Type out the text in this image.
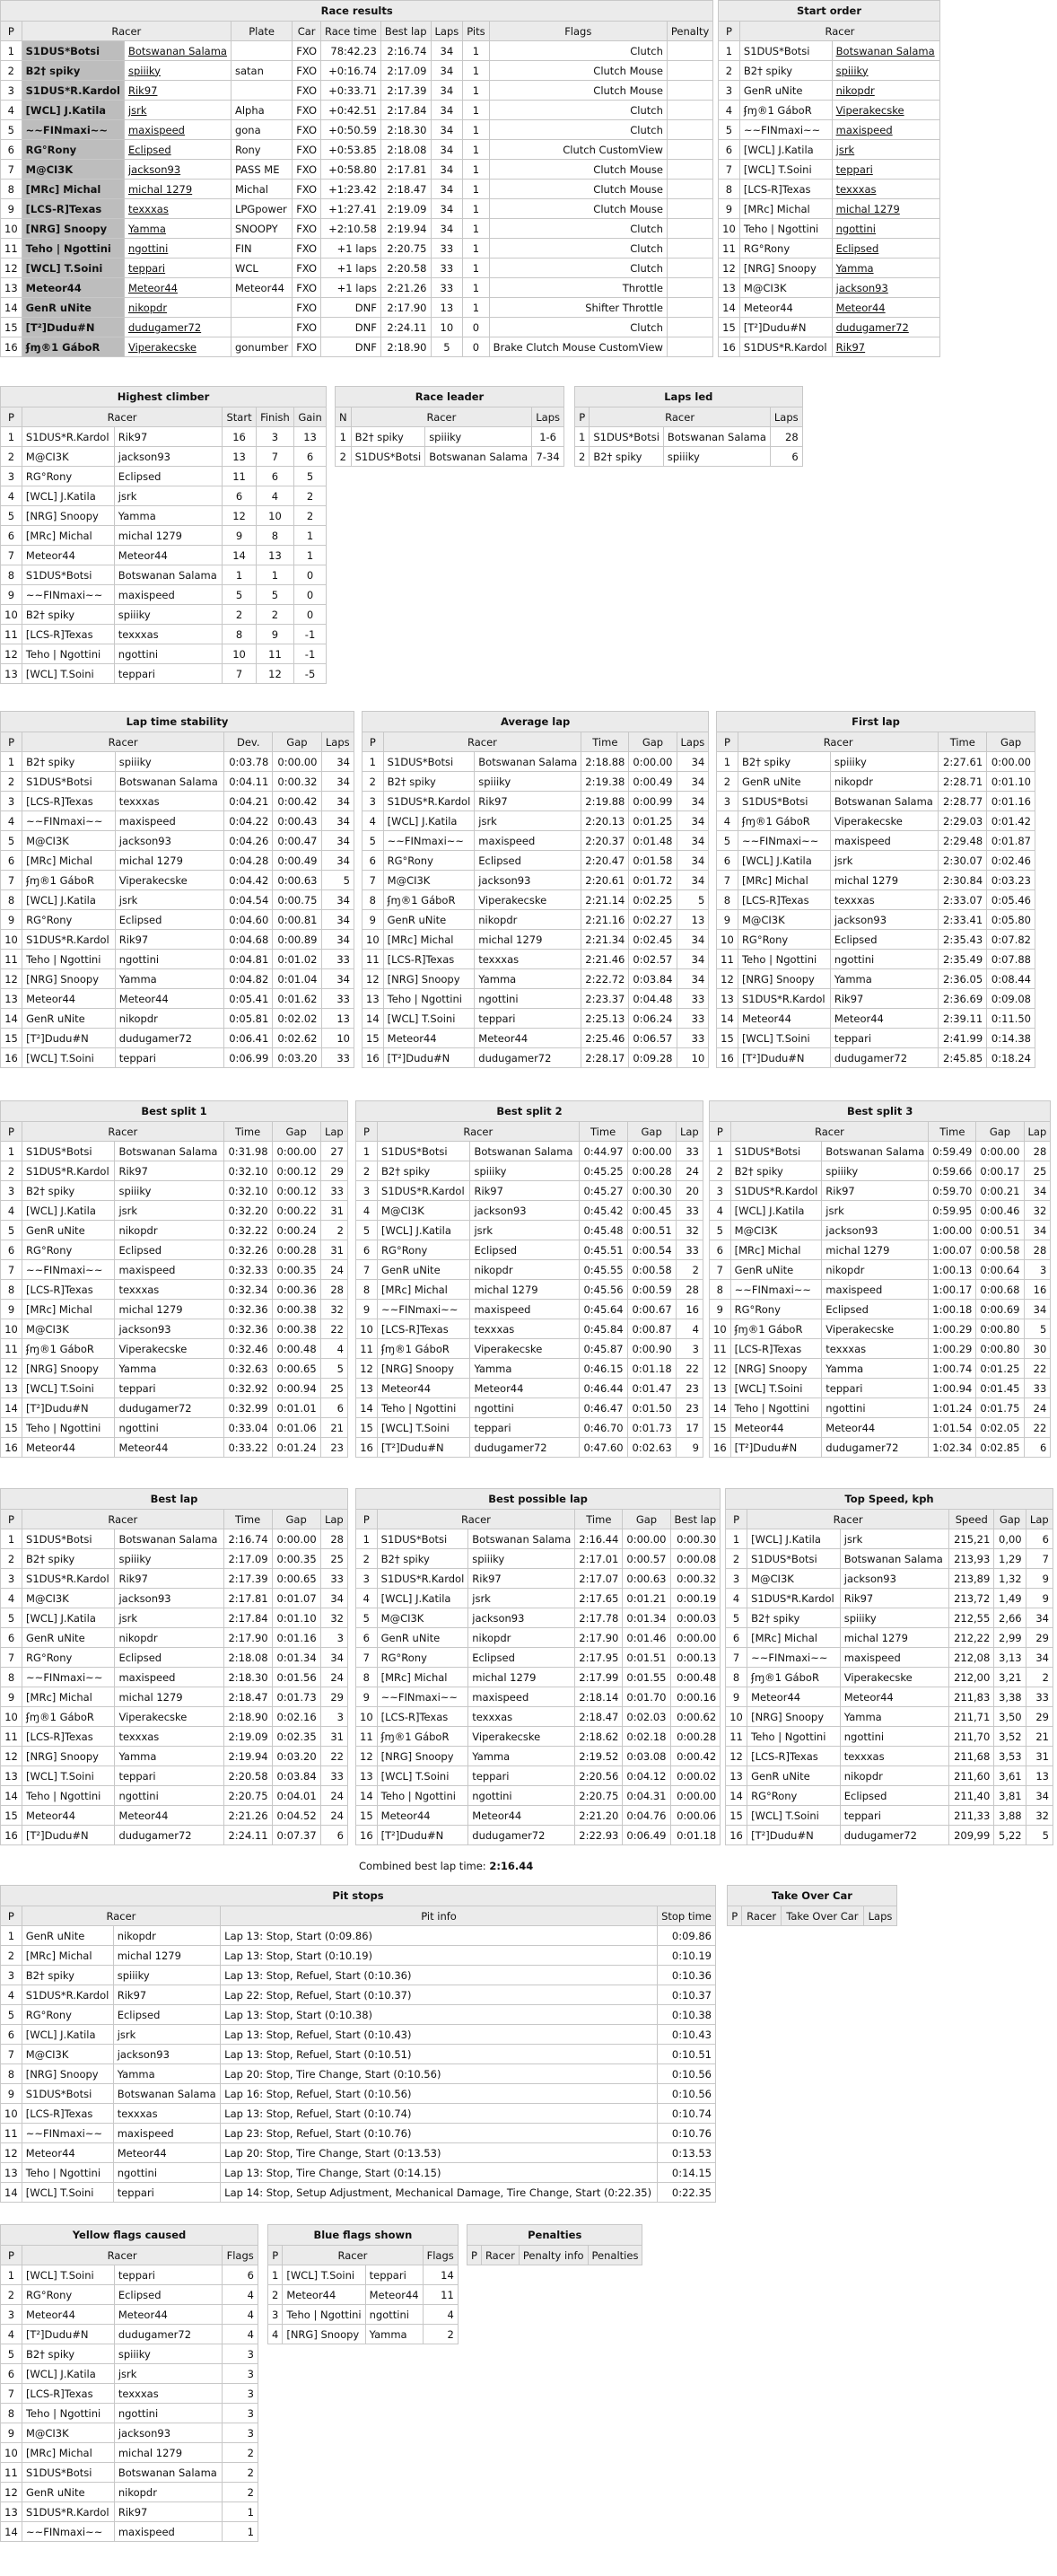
Race results										
P	Racer		Plate	Car	Race time	Best lap	Laps	Pits	Flags	Penalty
1	S1DUS*Botsi	Botswanan Salama		FXO	78:42.23	2:16.74	34	1	Clutch	
2	B2† spiky	spiiiky	satan	FXO	+0:16.74	2:17.09	34	1	Clutch Mouse	
3	S1DUS*R.Kardol	Rik97		FXO	+0:33.71	2:17.39	34	1	Clutch Mouse	
4	[WCL] J.Katila	jsrk	Alpha	FXO	+0:42.51	2:17.84	34	1	Clutch	
5	~~FINmaxi~~	maxispeed	gona	FXO	+0:50.59	2:18.30	34	1	Clutch	
6	RG°Rony	Eclipsed	Rony	FXO	+0:53.85	2:18.08	34	1	Clutch CustomView	
7	M@CI3K	jackson93	PASS ME	FXO	+0:58.80	2:17.81	34	1	Clutch Mouse	
8	[MRc] Michal	michal 1279	Michal	FXO	+1:23.42	2:18.47	34	1	Clutch Mouse	
9	[LCS-R]Texas	texxxas	LPGpower	FXO	+1:27.41	2:19.09	34	1	Clutch Mouse	
10	[NRG] Snoopy	Yamma	SNOOPY	FXO	+2:10.58	2:19.94	34	1	Clutch	
11	Teho | Ngottini	ngottini	FIN	FXO	+1 laps	2:20.75	33	1	Clutch	
12	[WCL] T.Soini	teppari	WCL	FXO	+1 laps	2:20.58	33	1	Clutch	
13	Meteor44	Meteor44	Meteor44	FXO	+1 laps	2:21.26	33	1	Throttle	
14	GenR uNite	nikopdr		FXO	DNF	2:17.90	13	1	Shifter Throttle	
15	[T²]Dudu#N	dudugamer72		FXO	DNF	2:24.11	10	0	Clutch	
16	ʄɱ®1 GáboR	Viperakecske	gonumber	FXO	DNF	2:18.90	5	0	Brake Clutch Mouse CustomView	
Start order		
P	Racer	
1	S1DUS*Botsi	Botswanan Salama
2	B2† spiky	spiiiky
3	GenR uNite	nikopdr
4	ʄɱ®1 GáboR	Viperakecske
5	~~FINmaxi~~	maxispeed
6	[WCL] J.Katila	jsrk
7	[WCL] T.Soini	teppari
8	[LCS-R]Texas	texxxas
9	[MRc] Michal	michal 1279
10	Teho | Ngottini	ngottini
11	RG°Rony	Eclipsed
12	[NRG] Snoopy	Yamma
13	M@CI3K	jackson93
14	Meteor44	Meteor44
15	[T²]Dudu#N	dudugamer72
16	S1DUS*R.Kardol	Rik97
Highest climber					
P	Racer		Start	Finish	Gain
1	S1DUS*R.Kardol	Rik97	16	3	13
2	M@CI3K	jackson93	13	7	6
3	RG°Rony	Eclipsed	11	6	5
4	[WCL] J.Katila	jsrk	6	4	2
5	[NRG] Snoopy	Yamma	12	10	2
6	[MRc] Michal	michal 1279	9	8	1
7	Meteor44	Meteor44	14	13	1
8	S1DUS*Botsi	Botswanan Salama	1	1	0
9	~~FINmaxi~~	maxispeed	5	5	0
10	B2† spiky	spiiiky	2	2	0
11	[LCS-R]Texas	texxxas	8	9	-1
12	Teho | Ngottini	ngottini	10	11	-1
13	[WCL] T.Soini	teppari	7	12	-5
Race leader			
N	Racer		Laps
1	B2† spiky	spiiiky	1-6
2	S1DUS*Botsi	Botswanan Salama	7-34
Laps led			
P	Racer		Laps
1	S1DUS*Botsi	Botswanan Salama	28
2	B2† spiky	spiiiky	6
Lap time stability					
P	Racer		Dev.	Gap	Laps
1	B2† spiky	spiiiky	0:03.78	0:00.00	34
2	S1DUS*Botsi	Botswanan Salama	0:04.11	0:00.32	34
3	[LCS-R]Texas	texxxas	0:04.21	0:00.42	34
4	~~FINmaxi~~	maxispeed	0:04.22	0:00.43	34
5	M@CI3K	jackson93	0:04.26	0:00.47	34
6	[MRc] Michal	michal 1279	0:04.28	0:00.49	34
7	ʄɱ®1 GáboR	Viperakecske	0:04.42	0:00.63	5
8	[WCL] J.Katila	jsrk	0:04.54	0:00.75	34
9	RG°Rony	Eclipsed	0:04.60	0:00.81	34
10	S1DUS*R.Kardol	Rik97	0:04.68	0:00.89	34
11	Teho | Ngottini	ngottini	0:04.81	0:01.02	33
12	[NRG] Snoopy	Yamma	0:04.82	0:01.04	34
13	Meteor44	Meteor44	0:05.41	0:01.62	33
14	GenR uNite	nikopdr	0:05.81	0:02.02	13
15	[T²]Dudu#N	dudugamer72	0:06.41	0:02.62	10
16	[WCL] T.Soini	teppari	0:06.99	0:03.20	33
Average lap					
P	Racer		Time	Gap	Laps
1	S1DUS*Botsi	Botswanan Salama	2:18.88	0:00.00	34
2	B2† spiky	spiiiky	2:19.38	0:00.49	34
3	S1DUS*R.Kardol	Rik97	2:19.88	0:00.99	34
4	[WCL] J.Katila	jsrk	2:20.13	0:01.25	34
5	~~FINmaxi~~	maxispeed	2:20.37	0:01.48	34
6	RG°Rony	Eclipsed	2:20.47	0:01.58	34
7	M@CI3K	jackson93	2:20.61	0:01.72	34
8	ʄɱ®1 GáboR	Viperakecske	2:21.14	0:02.25	5
9	GenR uNite	nikopdr	2:21.16	0:02.27	13
10	[MRc] Michal	michal 1279	2:21.34	0:02.45	34
11	[LCS-R]Texas	texxxas	2:21.46	0:02.57	34
12	[NRG] Snoopy	Yamma	2:22.72	0:03.84	34
13	Teho | Ngottini	ngottini	2:23.37	0:04.48	33
14	[WCL] T.Soini	teppari	2:25.13	0:06.24	33
15	Meteor44	Meteor44	2:25.46	0:06.57	33
16	[T²]Dudu#N	dudugamer72	2:28.17	0:09.28	10
First lap				
P	Racer		Time	Gap
1	B2† spiky	spiiiky	2:27.61	0:00.00
2	GenR uNite	nikopdr	2:28.71	0:01.10
3	S1DUS*Botsi	Botswanan Salama	2:28.77	0:01.16
4	ʄɱ®1 GáboR	Viperakecske	2:29.03	0:01.42
5	~~FINmaxi~~	maxispeed	2:29.48	0:01.87
6	[WCL] J.Katila	jsrk	2:30.07	0:02.46
7	[MRc] Michal	michal 1279	2:30.84	0:03.23
8	[LCS-R]Texas	texxxas	2:33.07	0:05.46
9	M@CI3K	jackson93	2:33.41	0:05.80
10	RG°Rony	Eclipsed	2:35.43	0:07.82
11	Teho | Ngottini	ngottini	2:35.49	0:07.88
12	[NRG] Snoopy	Yamma	2:36.05	0:08.44
13	S1DUS*R.Kardol	Rik97	2:36.69	0:09.08
14	Meteor44	Meteor44	2:39.11	0:11.50
15	[WCL] T.Soini	teppari	2:41.99	0:14.38
16	[T²]Dudu#N	dudugamer72	2:45.85	0:18.24
Best split 1					
P	Racer		Time	Gap	Lap
1	S1DUS*Botsi	Botswanan Salama	0:31.98	0:00.00	27
2	S1DUS*R.Kardol	Rik97	0:32.10	0:00.12	29
3	B2† spiky	spiiiky	0:32.10	0:00.12	33
4	[WCL] J.Katila	jsrk	0:32.20	0:00.22	31
5	GenR uNite	nikopdr	0:32.22	0:00.24	2
6	RG°Rony	Eclipsed	0:32.26	0:00.28	31
7	~~FINmaxi~~	maxispeed	0:32.33	0:00.35	24
8	[LCS-R]Texas	texxxas	0:32.34	0:00.36	28
9	[MRc] Michal	michal 1279	0:32.36	0:00.38	32
10	M@CI3K	jackson93	0:32.36	0:00.38	22
11	ʄɱ®1 GáboR	Viperakecske	0:32.46	0:00.48	4
12	[NRG] Snoopy	Yamma	0:32.63	0:00.65	5
13	[WCL] T.Soini	teppari	0:32.92	0:00.94	25
14	[T²]Dudu#N	dudugamer72	0:32.99	0:01.01	6
15	Teho | Ngottini	ngottini	0:33.04	0:01.06	21
16	Meteor44	Meteor44	0:33.22	0:01.24	23
Best split 2					
P	Racer		Time	Gap	Lap
1	S1DUS*Botsi	Botswanan Salama	0:44.97	0:00.00	33
2	B2† spiky	spiiiky	0:45.25	0:00.28	24
3	S1DUS*R.Kardol	Rik97	0:45.27	0:00.30	20
4	M@CI3K	jackson93	0:45.42	0:00.45	33
5	[WCL] J.Katila	jsrk	0:45.48	0:00.51	32
6	RG°Rony	Eclipsed	0:45.51	0:00.54	33
7	GenR uNite	nikopdr	0:45.55	0:00.58	2
8	[MRc] Michal	michal 1279	0:45.56	0:00.59	28
9	~~FINmaxi~~	maxispeed	0:45.64	0:00.67	16
10	[LCS-R]Texas	texxxas	0:45.84	0:00.87	4
11	ʄɱ®1 GáboR	Viperakecske	0:45.87	0:00.90	3
12	[NRG] Snoopy	Yamma	0:46.15	0:01.18	22
13	Meteor44	Meteor44	0:46.44	0:01.47	23
14	Teho | Ngottini	ngottini	0:46.47	0:01.50	23
15	[WCL] T.Soini	teppari	0:46.70	0:01.73	17
16	[T²]Dudu#N	dudugamer72	0:47.60	0:02.63	9
Best split 3					
P	Racer		Time	Gap	Lap
1	S1DUS*Botsi	Botswanan Salama	0:59.49	0:00.00	28
2	B2† spiky	spiiiky	0:59.66	0:00.17	25
3	S1DUS*R.Kardol	Rik97	0:59.70	0:00.21	34
4	[WCL] J.Katila	jsrk	0:59.95	0:00.46	32
5	M@CI3K	jackson93	1:00.00	0:00.51	34
6	[MRc] Michal	michal 1279	1:00.07	0:00.58	28
7	GenR uNite	nikopdr	1:00.13	0:00.64	3
8	~~FINmaxi~~	maxispeed	1:00.17	0:00.68	16
9	RG°Rony	Eclipsed	1:00.18	0:00.69	34
10	ʄɱ®1 GáboR	Viperakecske	1:00.29	0:00.80	5
11	[LCS-R]Texas	texxxas	1:00.29	0:00.80	30
12	[NRG] Snoopy	Yamma	1:00.74	0:01.25	22
13	[WCL] T.Soini	teppari	1:00.94	0:01.45	33
14	Teho | Ngottini	ngottini	1:01.24	0:01.75	24
15	Meteor44	Meteor44	1:01.54	0:02.05	22
16	[T²]Dudu#N	dudugamer72	1:02.34	0:02.85	6
Best lap					
P	Racer		Time	Gap	Lap
1	S1DUS*Botsi	Botswanan Salama	2:16.74	0:00.00	28
2	B2† spiky	spiiiky	2:17.09	0:00.35	25
3	S1DUS*R.Kardol	Rik97	2:17.39	0:00.65	33
4	M@CI3K	jackson93	2:17.81	0:01.07	34
5	[WCL] J.Katila	jsrk	2:17.84	0:01.10	32
6	GenR uNite	nikopdr	2:17.90	0:01.16	3
7	RG°Rony	Eclipsed	2:18.08	0:01.34	34
8	~~FINmaxi~~	maxispeed	2:18.30	0:01.56	24
9	[MRc] Michal	michal 1279	2:18.47	0:01.73	29
10	ʄɱ®1 GáboR	Viperakecske	2:18.90	0:02.16	3
11	[LCS-R]Texas	texxxas	2:19.09	0:02.35	31
12	[NRG] Snoopy	Yamma	2:19.94	0:03.20	22
13	[WCL] T.Soini	teppari	2:20.58	0:03.84	33
14	Teho | Ngottini	ngottini	2:20.75	0:04.01	24
15	Meteor44	Meteor44	2:21.26	0:04.52	24
16	[T²]Dudu#N	dudugamer72	2:24.11	0:07.37	6
Best possible lap					
P	Racer		Time	Gap	Best lap
1	S1DUS*Botsi	Botswanan Salama	2:16.44	0:00.00	0:00.30
2	B2† spiky	spiiiky	2:17.01	0:00.57	0:00.08
3	S1DUS*R.Kardol	Rik97	2:17.07	0:00.63	0:00.32
4	[WCL] J.Katila	jsrk	2:17.65	0:01.21	0:00.19
5	M@CI3K	jackson93	2:17.78	0:01.34	0:00.03
6	GenR uNite	nikopdr	2:17.90	0:01.46	0:00.00
7	RG°Rony	Eclipsed	2:17.95	0:01.51	0:00.13
8	[MRc] Michal	michal 1279	2:17.99	0:01.55	0:00.48
9	~~FINmaxi~~	maxispeed	2:18.14	0:01.70	0:00.16
10	[LCS-R]Texas	texxxas	2:18.47	0:02.03	0:00.62
11	ʄɱ®1 GáboR	Viperakecske	2:18.62	0:02.18	0:00.28
12	[NRG] Snoopy	Yamma	2:19.52	0:03.08	0:00.42
13	[WCL] T.Soini	teppari	2:20.56	0:04.12	0:00.02
14	Teho | Ngottini	ngottini	2:20.75	0:04.31	0:00.00
15	Meteor44	Meteor44	2:21.20	0:04.76	0:00.06
16	[T²]Dudu#N	dudugamer72	2:22.93	0:06.49	0:01.18
Top Speed, kph					
P	Racer		Speed	Gap	Lap
1	[WCL] J.Katila	jsrk	215,21	0,00	6
2	S1DUS*Botsi	Botswanan Salama	213,93	1,29	7
3	M@CI3K	jackson93	213,89	1,32	9
4	S1DUS*R.Kardol	Rik97	213,72	1,49	9
5	B2† spiky	spiiiky	212,55	2,66	34
6	[MRc] Michal	michal 1279	212,22	2,99	29
7	~~FINmaxi~~	maxispeed	212,08	3,13	34
8	ʄɱ®1 GáboR	Viperakecske	212,00	3,21	2
9	Meteor44	Meteor44	211,83	3,38	33
10	[NRG] Snoopy	Yamma	211,71	3,50	29
11	Teho | Ngottini	ngottini	211,70	3,52	21
12	[LCS-R]Texas	texxxas	211,68	3,53	31
13	GenR uNite	nikopdr	211,60	3,61	13
14	RG°Rony	Eclipsed	211,40	3,81	34
15	[WCL] T.Soini	teppari	211,33	3,88	32
16	[T²]Dudu#N	dudugamer72	209,99	5,22	5
Combined best lap time: 2:16.44
Pit stops				
P	Racer		Pit info	Stop time
1	GenR uNite	nikopdr	Lap 13: Stop, Start (0:09.86)	0:09.86
2	[MRc] Michal	michal 1279	Lap 13: Stop, Start (0:10.19)	0:10.19
3	B2† spiky	spiiiky	Lap 13: Stop, Refuel, Start (0:10.36)	0:10.36
4	S1DUS*R.Kardol	Rik97	Lap 22: Stop, Refuel, Start (0:10.37)	0:10.37
5	RG°Rony	Eclipsed	Lap 13: Stop, Start (0:10.38)	0:10.38
6	[WCL] J.Katila	jsrk	Lap 13: Stop, Refuel, Start (0:10.43)	0:10.43
7	M@CI3K	jackson93	Lap 13: Stop, Refuel, Start (0:10.51)	0:10.51
8	[NRG] Snoopy	Yamma	Lap 20: Stop, Tire Change, Start (0:10.56)	0:10.56
9	S1DUS*Botsi	Botswanan Salama	Lap 16: Stop, Refuel, Start (0:10.56)	0:10.56
10	[LCS-R]Texas	texxxas	Lap 13: Stop, Refuel, Start (0:10.74)	0:10.74
11	~~FINmaxi~~	maxispeed	Lap 23: Stop, Refuel, Start (0:10.76)	0:10.76
12	Meteor44	Meteor44	Lap 20: Stop, Tire Change, Start (0:13.53)	0:13.53
13	Teho | Ngottini	ngottini	Lap 13: Stop, Tire Change, Start (0:14.15)	0:14.15
14	[WCL] T.Soini	teppari	Lap 14: Stop, Setup Adjustment, Mechanical Damage, Tire Change, Start (0:22.35)	0:22.35
Take Over Car
P	Racer	Take Over Car	Laps
Yellow flags caused			
P	Racer		Flags
1	[WCL] T.Soini	teppari	6
2	RG°Rony	Eclipsed	4
3	Meteor44	Meteor44	4
4	[T²]Dudu#N	dudugamer72	4
5	B2† spiky	spiiiky	3
6	[WCL] J.Katila	jsrk	3
7	[LCS-R]Texas	texxxas	3
8	Teho | Ngottini	ngottini	3
9	M@CI3K	jackson93	3
10	[MRc] Michal	michal 1279	2
11	S1DUS*Botsi	Botswanan Salama	2
12	GenR uNite	nikopdr	2
13	S1DUS*R.Kardol	Rik97	1
14	~~FINmaxi~~	maxispeed	1
Blue flags shown			
P	Racer		Flags
1	[WCL] T.Soini	teppari	14
2	Meteor44	Meteor44	11
3	Teho | Ngottini	ngottini	4
4	[NRG] Snoopy	Yamma	2
Penalties
P	Racer	Penalty info	Penalties
